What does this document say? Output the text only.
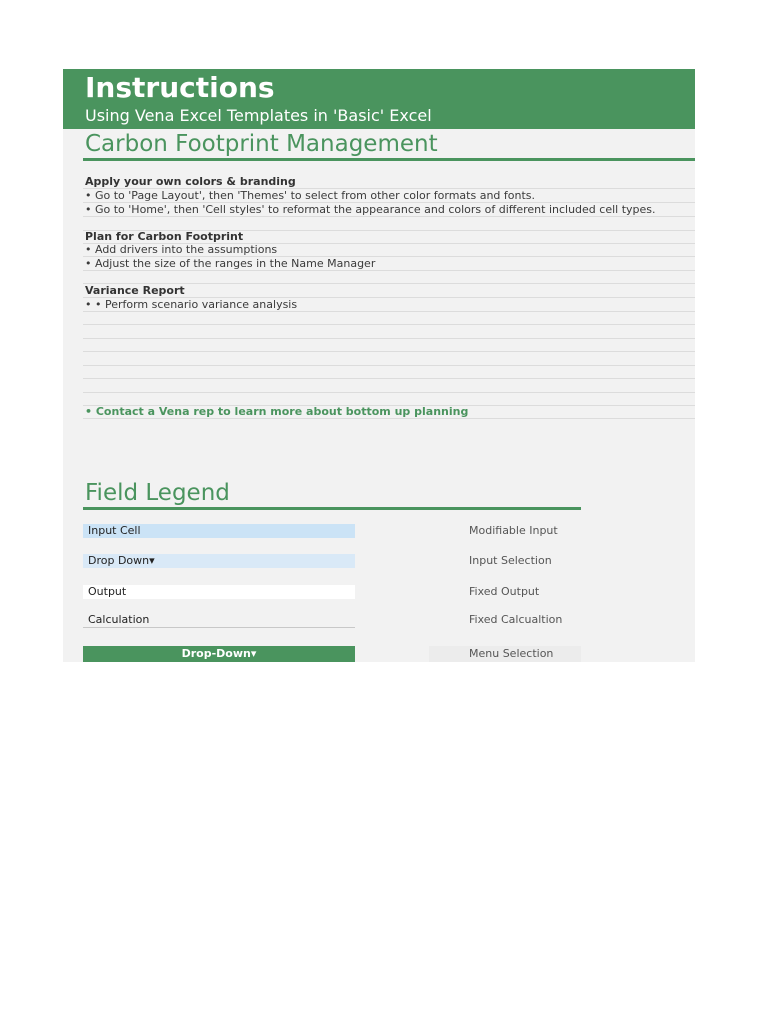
Instructions
Using Vena Excel Templates in 'Basic' Excel
Carbon Footprint Management
Apply your own colors & branding
• Go to 'Page Layout', then 'Themes' to select from other color formats and fonts.
• Go to 'Home', then 'Cell styles' to reformat the appearance and colors of different included cell types.
Plan for Carbon Footprint
• Add drivers into the assumptions
• Adjust the size of the ranges in the Name Manager
Variance Report
• • Perform scenario variance analysis
• Contact a Vena rep to learn more about bottom up planning
Field Legend
Input Cell	Modifiable Input
Drop Down▾	Input Selection
Output	Fixed Output
Calculation	Fixed Calcualtion
Drop-Down▾	Menu Selection
